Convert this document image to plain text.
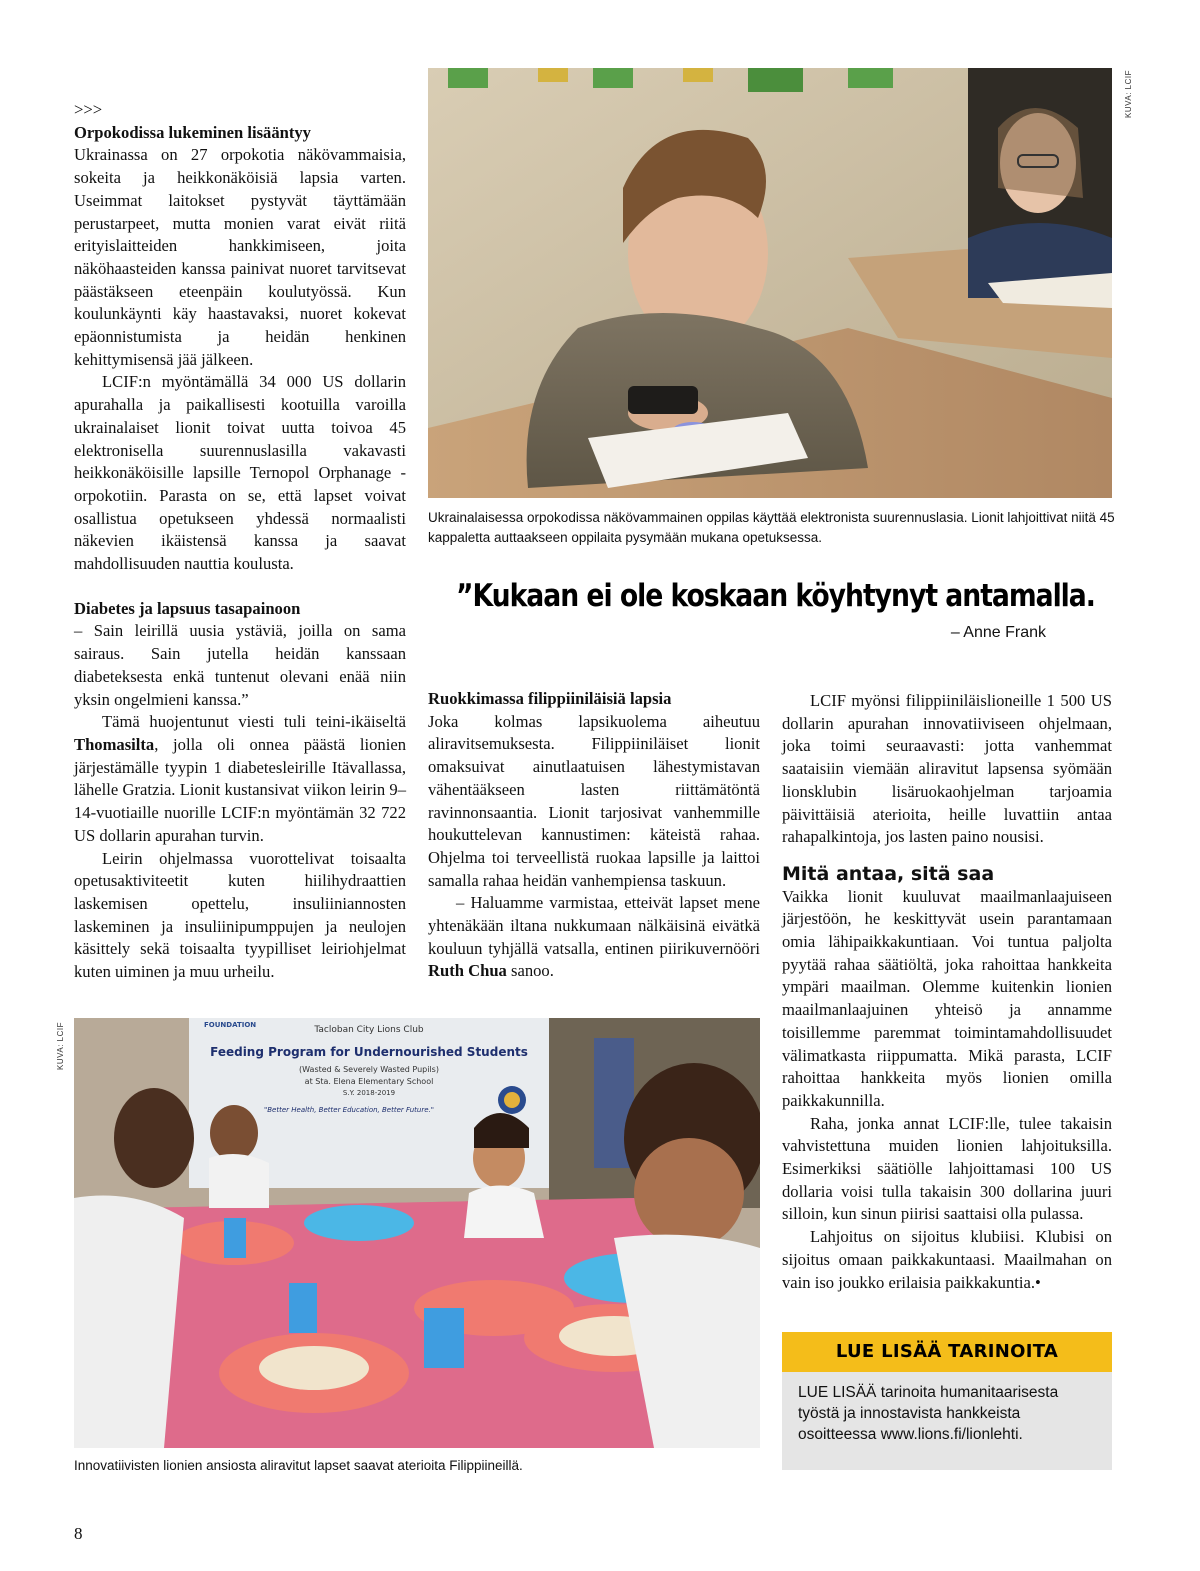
>>>

Orpokodissa lukeminen lisääntyy

Ukrainassa on 27 orpokotia näkövammaisia, sokeita ja heikkonäköisiä lapsia varten. Useimmat laitokset pystyvät täyttämään perustarpeet, mutta monien varat eivät riitä erityislaitteiden hankkimiseen, joita näköhaasteiden kanssa painivat nuoret tarvitsevat päästäkseen eteenpäin koulutyössä. Kun koulunkäynti käy haastavaksi, nuoret kokevat epäonnistumista ja heidän henkinen kehittymisensä jää jälkeen.

LCIF:n myöntämällä 34 000 US dollarin apurahalla ja paikallisesti kootuilla varoilla ukrainalaiset lionit toivat uutta toivoa 45 elektronisella suurennuslasilla vakavasti heikkonäköisille lapsille Ternopol Orphanage -orpokotiin. Parasta on se, että lapset voivat osallistua opetukseen yhdessä normaalisti näkevien ikäistensä kanssa ja saavat mahdollisuuden nauttia koulusta.

Diabetes ja lapsuus tasapainoon

– Sain leirillä uusia ystäviä, joilla on sama sairaus. Sain jutella heidän kanssaan diabeteksesta enkä tuntenut olevani enää niin yksin ongelmieni kanssa.”

Tämä huojentunut viesti tuli teini-ikäiseltä Thomasilta, jolla oli onnea päästä lionien järjestämälle tyypin 1 diabetesleirille Itävallassa, lähelle Gratzia. Lionit kustansivat viikon leirin 9–14-vuotiaille nuorille LCIF:n myöntämän 32 722 US dollarin apurahan turvin.

Leirin ohjelmassa vuorottelivat toisaalta opetusaktiviteetit kuten hiilihydraattien laskemisen opettelu, insuliiniannosten laskeminen ja insuliinipumppujen ja neulojen käsittely sekä toisaalta tyypilliset leiriohjelmat kuten uiminen ja muu urheilu.

KUVA: LCIF
Ukrainalaisessa orpokodissa näkövammainen oppilas käyttää elektronista suurennuslasia. Lionit lahjoittivat niitä 45 kappaletta auttaakseen oppilaita pysymään mukana opetuksessa.
”Kukaan ei ole koskaan köyhtynyt antamalla.
– Anne Frank

Ruokkimassa filippiiniläisiä lapsia

Joka kolmas lapsikuolema aiheutuu aliravitsemuksesta. Filippiiniläiset lionit omaksuivat ainutlaatuisen lähestymistavan vähentääkseen lasten riittämätöntä ravinnonsaantia. Lionit tarjosivat vanhemmille houkuttelevan kannustimen: käteistä rahaa. Ohjelma toi terveellistä ruokaa lapsille ja laittoi samalla rahaa heidän vanhempiensa taskuun.

– Haluamme varmistaa, etteivät lapset mene yhtenäkään iltana nukkumaan nälkäisinä eivätkä kouluun tyhjällä vatsalla, entinen piirikuvernööri Ruth Chua sanoo.

LCIF myönsi filippiiniläislioneille 1 500 US dollarin apurahan innovatiiviseen ohjelmaan, joka toimi seuraavasti: jotta vanhemmat saataisiin viemään aliravitut lapsensa syömään lionsklubin lisäruokaohjelman tarjoamia päivittäisiä aterioita, heille luvattiin antaa rahapalkintoja, jos lasten paino nousisi.

Mitä antaa, sitä saa

Vaikka lionit kuuluvat maailmanlaajuiseen järjestöön, he keskittyvät usein parantamaan omia lähipaikkakuntiaan. Voi tuntua paljolta pyytää rahaa säätiöltä, joka rahoittaa hankkeita ympäri maailman. Olemme kuitenkin lionien maailmanlaajuinen yhteisö ja annamme toisillemme paremmat toimintamahdollisuudet välimatkasta riippumatta. Mikä parasta, LCIF rahoittaa hankkeita myös lionien omilla paikkakunnilla.

Raha, jonka annat LCIF:lle, tulee takaisin vahvistettuna muiden lionien lahjoituksilla. Esimerkiksi säätiölle lahjoittamasi 100 US dollaria voisi tulla takaisin 300 dollarina juuri silloin, kun sinun piirisi saattaisi olla pulassa.

Lahjoitus on sijoitus klubiisi. Klubisi on sijoitus omaan paikkakuntaasi. Maailmahan on vain iso joukko erilaisia paikkakuntia.•

KUVA: LCIF	Tacloban City Lions Club
FOUNDATION
Feeding Program for Undernourished Students
(Wasted & Severely Wasted Pupils)
at Sta. Elena Elementary School
S.Y. 2018-2019
"Better Health, Better Education, Better Future."
Innovatiivisten lionien ansiosta aliravitut lapset saavat aterioita Filippiineillä.
LUE LISÄÄ TARINOITA
LUE LISÄÄ tarinoita humanitaarisesta työstä ja innostavista hankkeista osoitteessa www.lions.fi/lionlehti.
8
